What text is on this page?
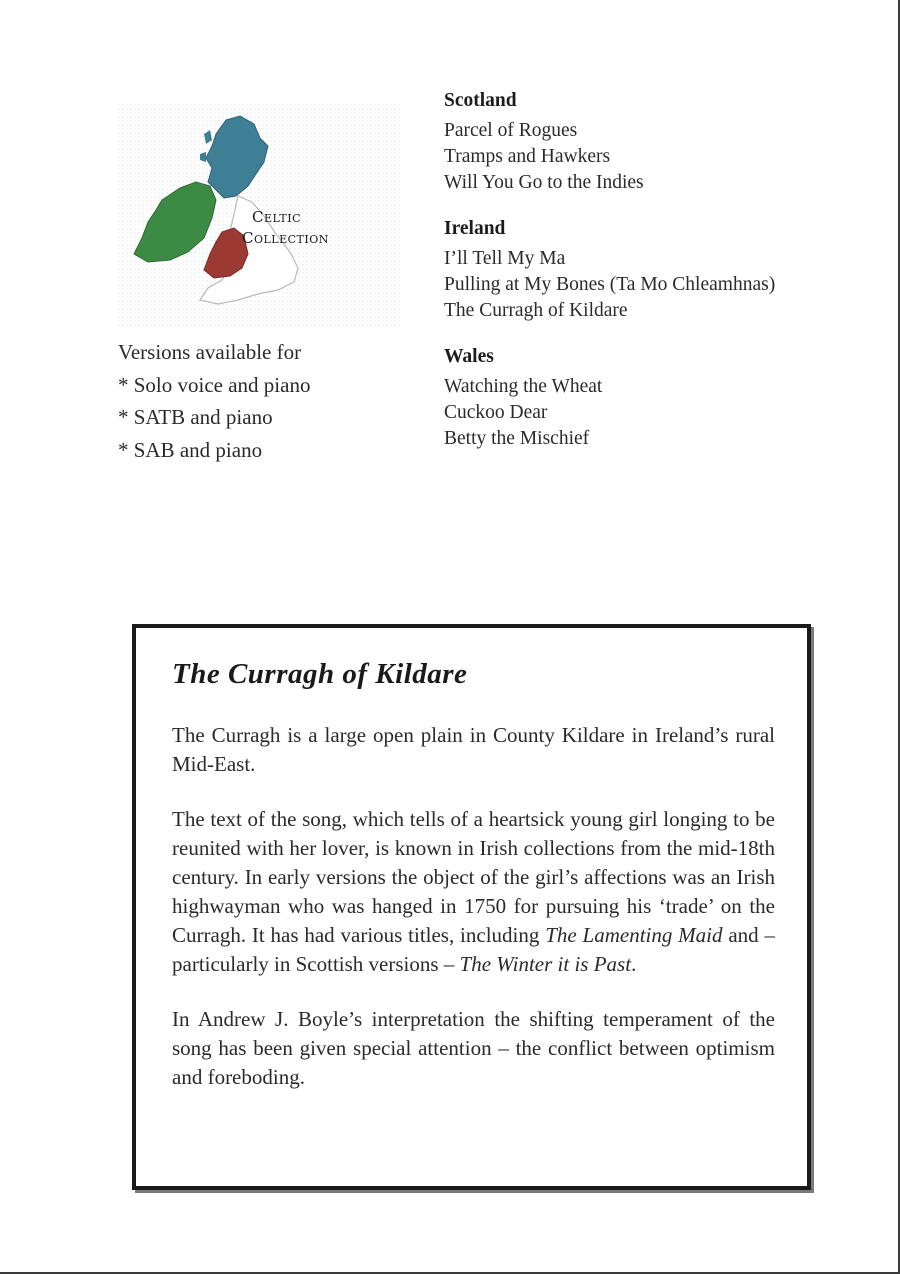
Celtic
Collection
Versions available for
* Solo voice and piano
* SATB and piano
* SAB and piano
Scotland
Parcel of Rogues
Tramps and Hawkers
Will You Go to the Indies
Ireland
I’ll Tell My Ma
Pulling at My Bones (Ta Mo Chleamhnas)
The Curragh of Kildare
Wales
Watching the Wheat
Cuckoo Dear
Betty the Mischief
The Curragh of Kildare

The Curragh is a large open plain in County Kildare in Ireland’s rural Mid-East.

The text of the song, which tells of a heartsick young girl longing to be reunited with her lover, is known in Irish collections from the mid-18th century. In early versions the object of the girl’s affections was an Irish highwayman who was hanged in 1750 for pursuing his ‘trade’ on the Curragh. It has had various titles, including The Lamenting Maid and – particularly in Scottish versions – The Winter it is Past.

In Andrew J. Boyle’s interpretation the shifting temperament of the song has been given special attention – the conflict between optimism and foreboding.
